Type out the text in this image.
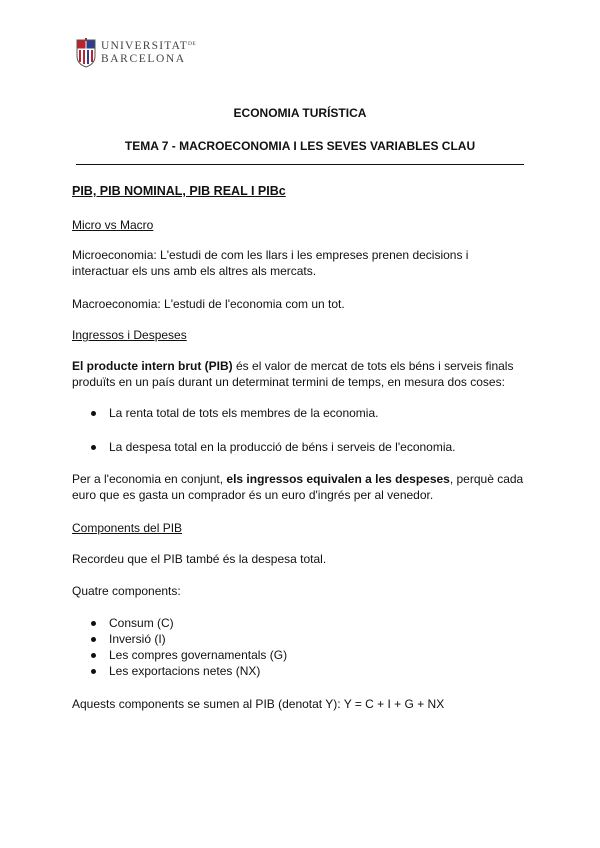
$UNIVERSITAT^{DE}$
BARCELONA
ECONOMIA TURÍSTICA
TEMA 7 - MACROECONOMIA I LES SEVES VARIABLES CLAU
PIB, PIB NOMINAL, PIB REAL I PIBc
Micro vs Macro
Microeconomia: L'estudi de com les llars i les empreses prenen decisions i
interactuar els uns amb els altres als mercats.
Macroeconomia: L'estudi de l'economia com un tot.
Ingressos i Despeses
El producte intern brut (PIB) és el valor de mercat de tots els béns i serveis finals
produïts en un país durant un determinat termini de temps, en mesura dos coses:
La renta total de tots els membres de la economia.
La despesa total en la producció de béns i serveis de l'economia.
Per a l'economia en conjunt, els ingressos equivalen a les despeses, perquè cada
euro que es gasta un comprador és un euro d'ingrés per al venedor.
Components del PIB
Recordeu que el PIB també és la despesa total.
Quatre components:
Consum (C)
Inversió (I)
Les compres governamentals (G)
Les exportacions netes (NX)
Aquests components se sumen al PIB (denotat Y): Y = C + I + G + NX
